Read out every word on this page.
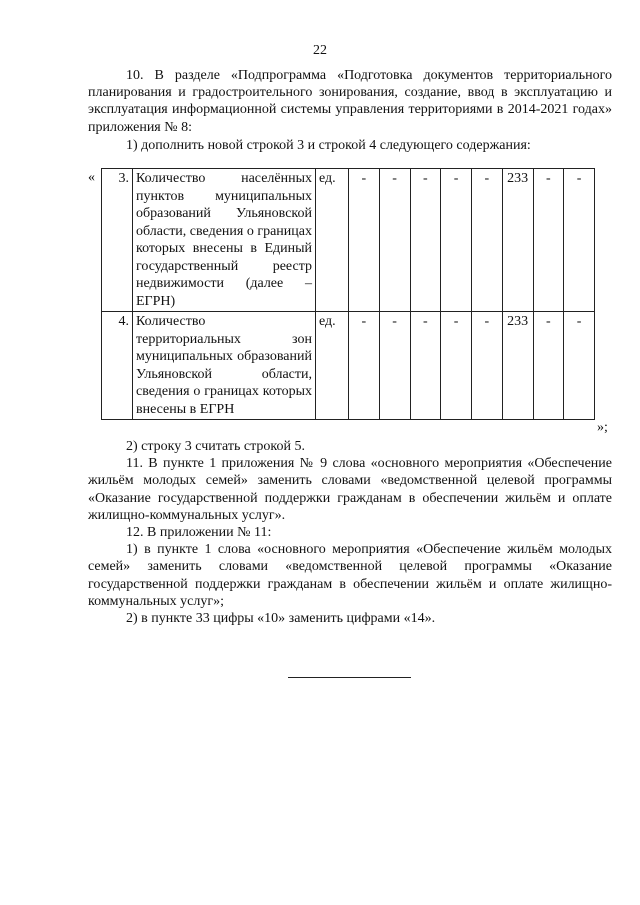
22
10. В разделе «Подпрограмма «Подготовка документов территориального планирования и градостроительного зонирования, создание, ввод в эксплуатацию и эксплуатация информационной системы управления территориями в 2014-2021 годах» приложения № 8:
1) дополнить новой строкой 3 и строкой 4 следующего содержания:
« 3.	Количество населённых пунктов муниципальных образований Ульяновской области, сведения о границах которых внесены в Единый государственный реестр недвижимости (далее – ЕГРН)	ед.	-	-	-	-	-	233	-	-
4.	Количество территориальных зон муниципальных образований Ульяновской области, сведения о границах которых внесены в ЕГРН	ед.	-	-	-	-	-	233	-	-
»;
2) строку 3 считать строкой 5.
11. В пункте 1 приложения № 9 слова «основного мероприятия «Обеспечение жильём молодых семей» заменить словами «ведомственной целевой программы «Оказание государственной поддержки гражданам в обеспечении жильём и оплате жилищно-коммунальных услуг».
12. В приложении № 11:
1) в пункте 1 слова «основного мероприятия «Обеспечение жильём молодых семей» заменить словами «ведомственной целевой программы «Оказание государственной поддержки гражданам в обеспечении жильём и оплате жилищно-коммунальных услуг»;
2) в пункте 33 цифры «10» заменить цифрами «14».
